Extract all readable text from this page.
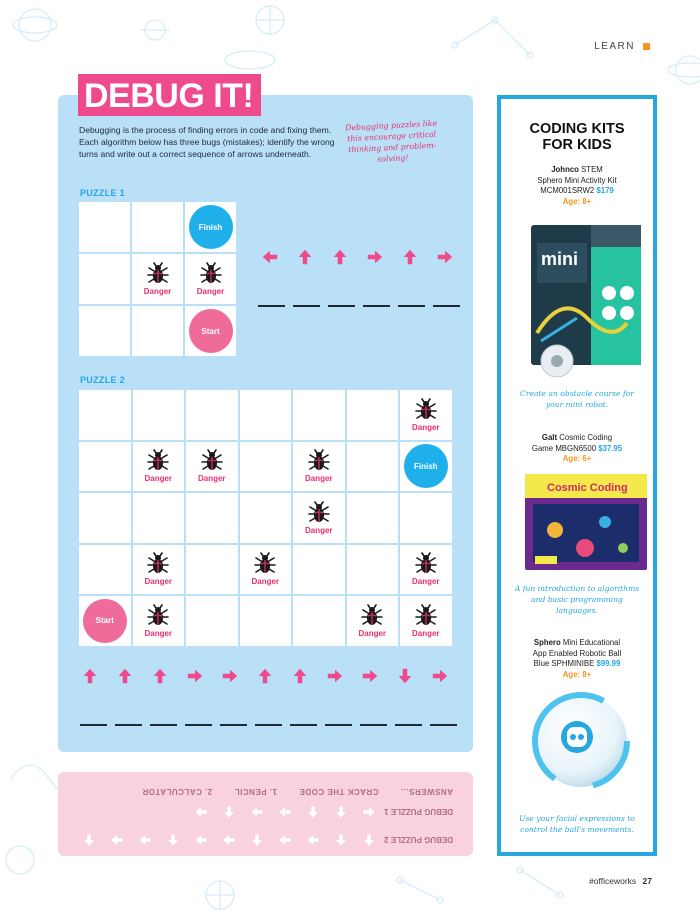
LEARN
DEBUG IT!

Debugging is the process of finding errors in code and fixing them. Each algorithm below has three bugs (mistakes); identify the wrong turns and write out a correct sequence of arrows underneath.

Debugging puzzles like this encourage critical thinking and problem-solving!

PUZZLE 1
Finish
Danger	Danger
Start
PUZZLE 2
Danger
Danger	Danger	Danger
Finish
Danger
Danger	Danger	Danger
Start
Danger	Danger	Danger
ANSWERS...
CRACK THE CODE
1. PENCIL
2. CALCULATOR
DEBUG PUZZLE 1
DEBUG PUZZLE 2
CODING KITS
FOR KIDS
Johnco STEM
Sphero Mini Activity Kit
MCM001SRW2 $179
Age: 8+
mini

Create an obstacle course for your mini robot.

Galt Cosmic Coding
Game MBGN6500 $37.95
Age: 6+
Cosmic Coding

A fun introduction to algorithms and basic programming languages.

Sphero Mini Educational
App Enabled Robotic Ball
Blue SPHMINIBE $99.99
Age: 8+

Use your facial expressions to control the ball's movements.

#officeworks 27
